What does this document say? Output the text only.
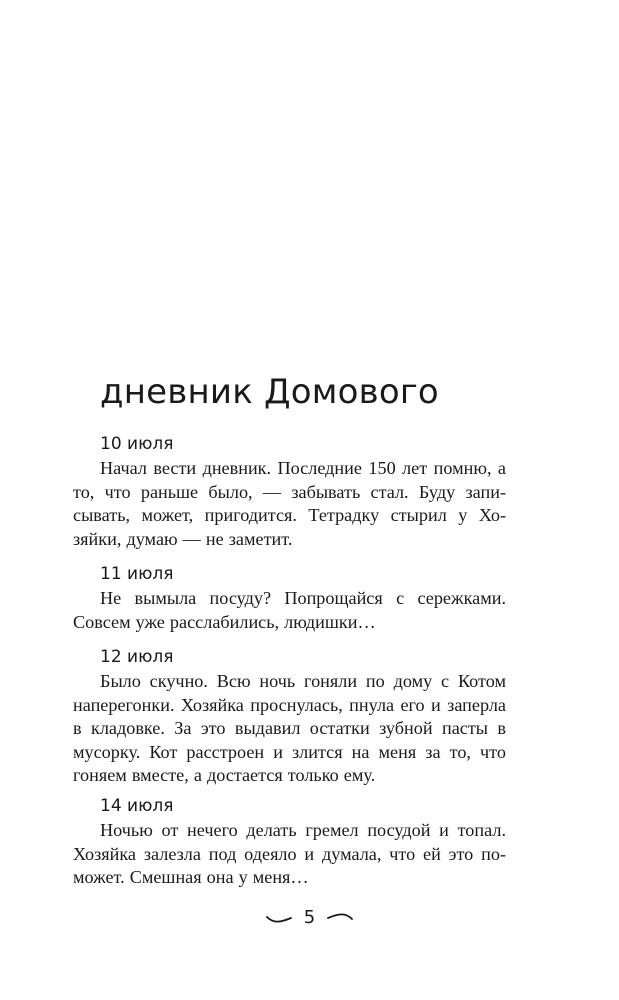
дневник Домового

10 июля

Начал вести дневник. Последние 150 лет помню, а то, что раньше было, — забывать стал. Буду записывать, может, пригодится. Тетрадку стырил у Хозяйки, думаю — не заметит.

11 июля

Не вымыла посуду? Попрощайся с сережками. Совсем уже расслабились, людишки…

12 июля

Было скучно. Всю ночь гоняли по дому с Котом наперегонки. Хозяйка проснулась, пнула его и заперла в кладовке. За это выдавил остатки зубной пасты в мусорку. Кот расстроен и злится на меня за то, что гоняем вместе, а достается только ему.

14 июля

Ночью от нечего делать гремел посудой и топал. Хозяйка залезла под одеяло и думала, что ей это поможет. Смешная она у меня…

5
